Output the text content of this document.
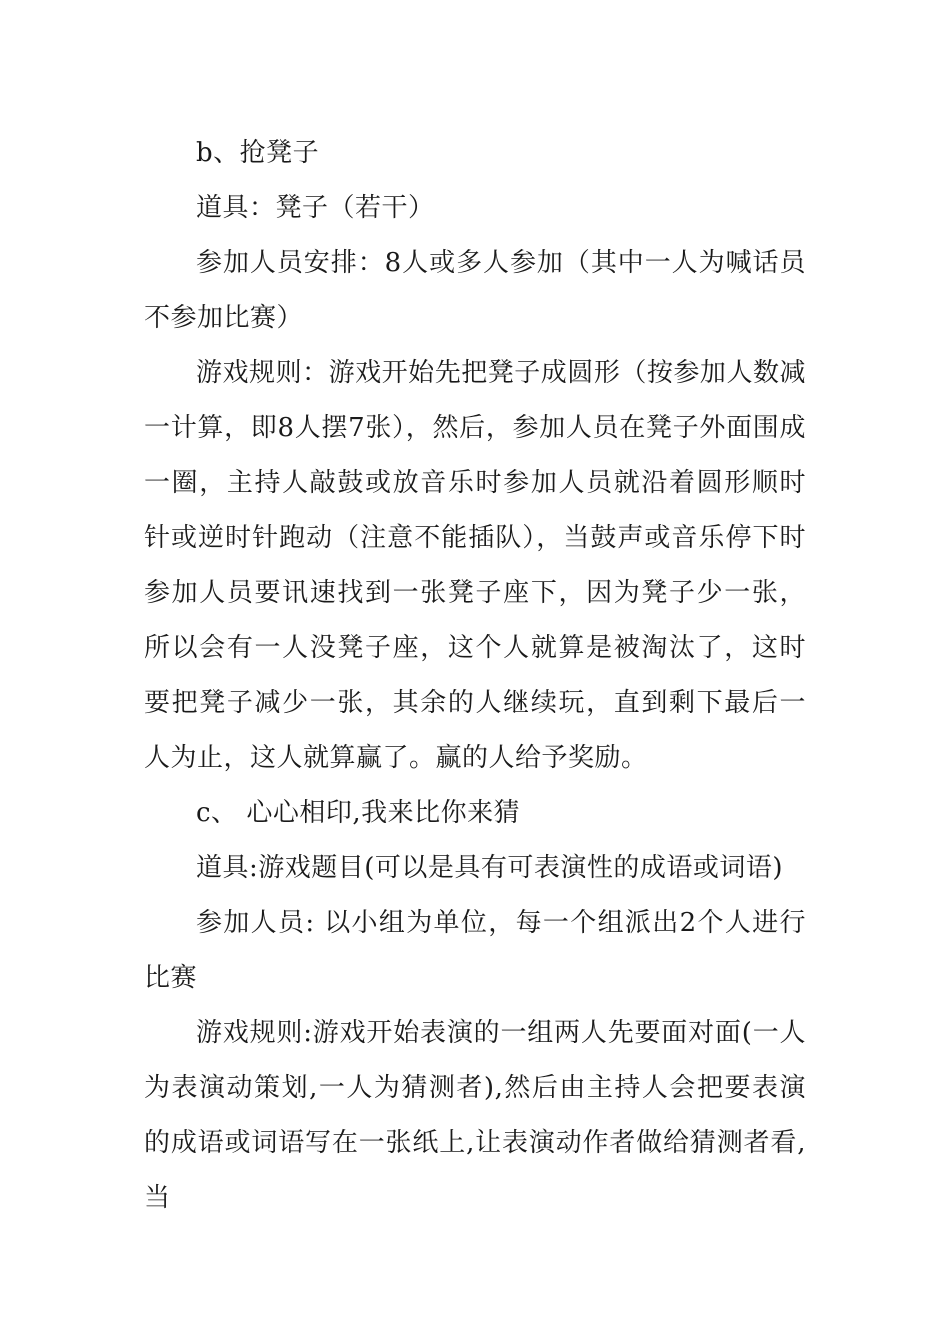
b、抢凳子

道具：凳子（若干）

参加人员安排：8人或多人参加（其中一人为喊话员不参加比赛）

游戏规则：游戏开始先把凳子成圆形（按参加人数减一计算，即8人摆7张），然后，参加人员在凳子外面围成一圈，主持人敲鼓或放音乐时参加人员就沿着圆形顺时针或逆时针跑动（注意不能插队），当鼓声或音乐停下时参加人员要讯速找到一张凳子座下，因为凳子少一张，所以会有一人没凳子座，这个人就算是被淘汰了，这时要把凳子减少一张，其余的人继续玩，直到剩下最后一人为止，这人就算赢了。赢的人给予奖励。

c、 心心相印,我来比你来猜

道具:游戏题目(可以是具有可表演性的成语或词语)

参加人员: 以小组为单位，每一个组派出2个人进行比赛

游戏规则:游戏开始表演的一组两人先要面对面(一人为表演动策划,一人为猜测者),然后由主持人会把要表演的成语或词语写在一张纸上,让表演动作者做给猜测者看,当
